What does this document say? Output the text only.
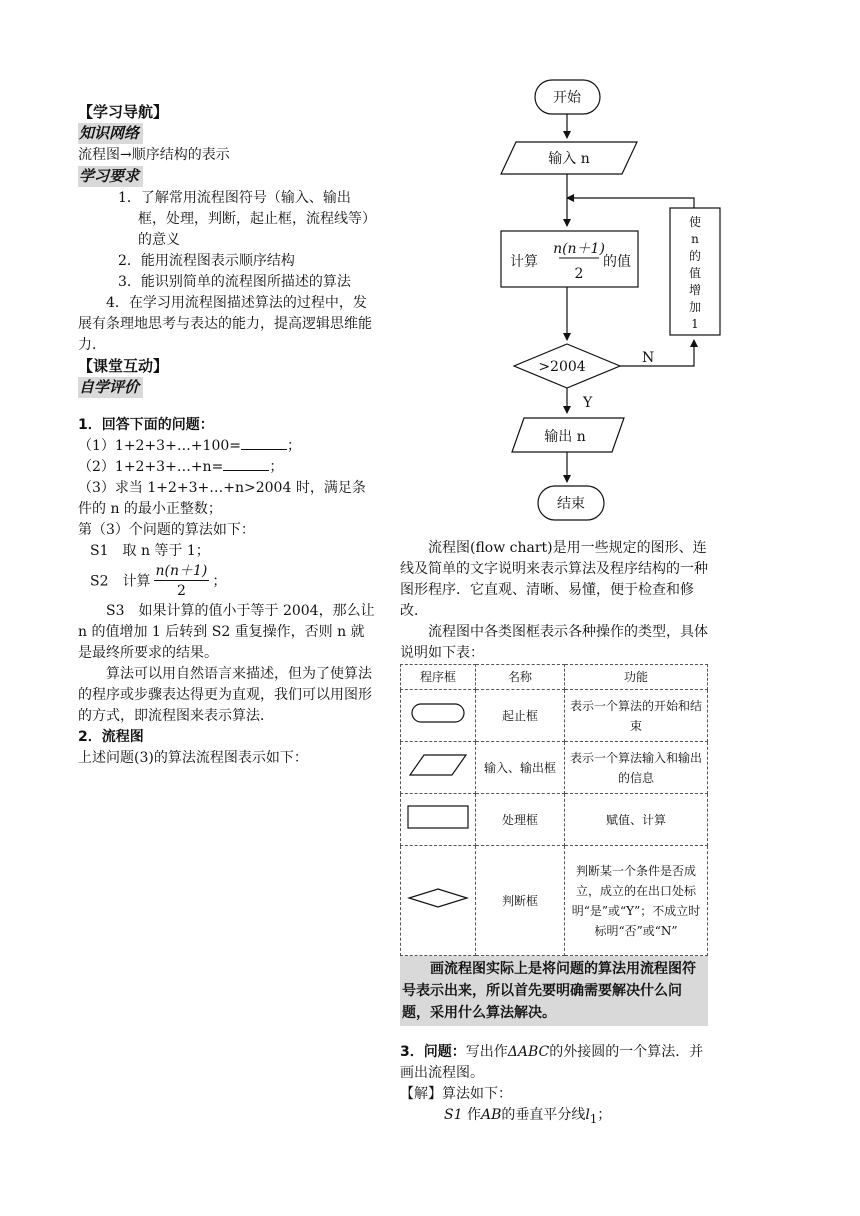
【学习导航】
知识网络
流程图→顺序结构的表示
学习要求
1．了解常用流程图符号（输入、输出框，处理，判断，起止框，流程线等）的意义
2．能用流程图表示顺序结构
3．能识别简单的流程图所描述的算法
4．在学习用流程图描述算法的过程中，发展有条理地思考与表达的能力，提高逻辑思维能力．
【课堂互动】
自学评价
1．回答下面的问题：
（1）1+2+3+…+100=	；
（2）1+2+3+…+n=	；
（3）求当 1+2+3+…+n>2004 时，满足条件的 n 的最小正整数；
第（3）个问题的算法如下：
S1　取 n 等于 1；
S2　计算 $\frac{n(n+1)}{2}$ ；
S3　如果计算的值小于等于 2004，那么让 n 的值增加 1 后转到 S2 重复操作，否则 n 就是最终所要求的结果。
算法可以用自然语言来描述，但为了使算法的程序或步骤表达得更为直观，我们可以用图形的方式，即流程图来表示算法．
2．流程图
上述问题(3)的算法流程图表示如下：
开始
输入 n
计算
n(n＋1)
2
的值
>2004
N
Y
输出 n
结束
使
n
的
值
增
加
1
流程图(flow chart)是用一些规定的图形、连线及简单的文字说明来表示算法及程序结构的一种图形程序．它直观、清晰、易懂，便于检查和修改．
流程图中各类图框表示各种操作的类型，具体说明如下表：
程序框	名称	功能
	起止框	表示一个算法的开始和结束
	输入、输出框	表示一个算法输入和输出的信息
	处理框	赋值、计算
	判断框	判断某一个条件是否成立，成立的在出口处标明“是”或“Y”；不成立时标明“否”或“N”
画流程图实际上是将问题的算法用流程图符号表示出来，所以首先要明确需要解决什么问题，采用什么算法解决。
3．问题：写出作ΔABC的外接圆的一个算法．并画出流程图。
【解】算法如下：
S1 作AB的垂直平分线$l_1$；
